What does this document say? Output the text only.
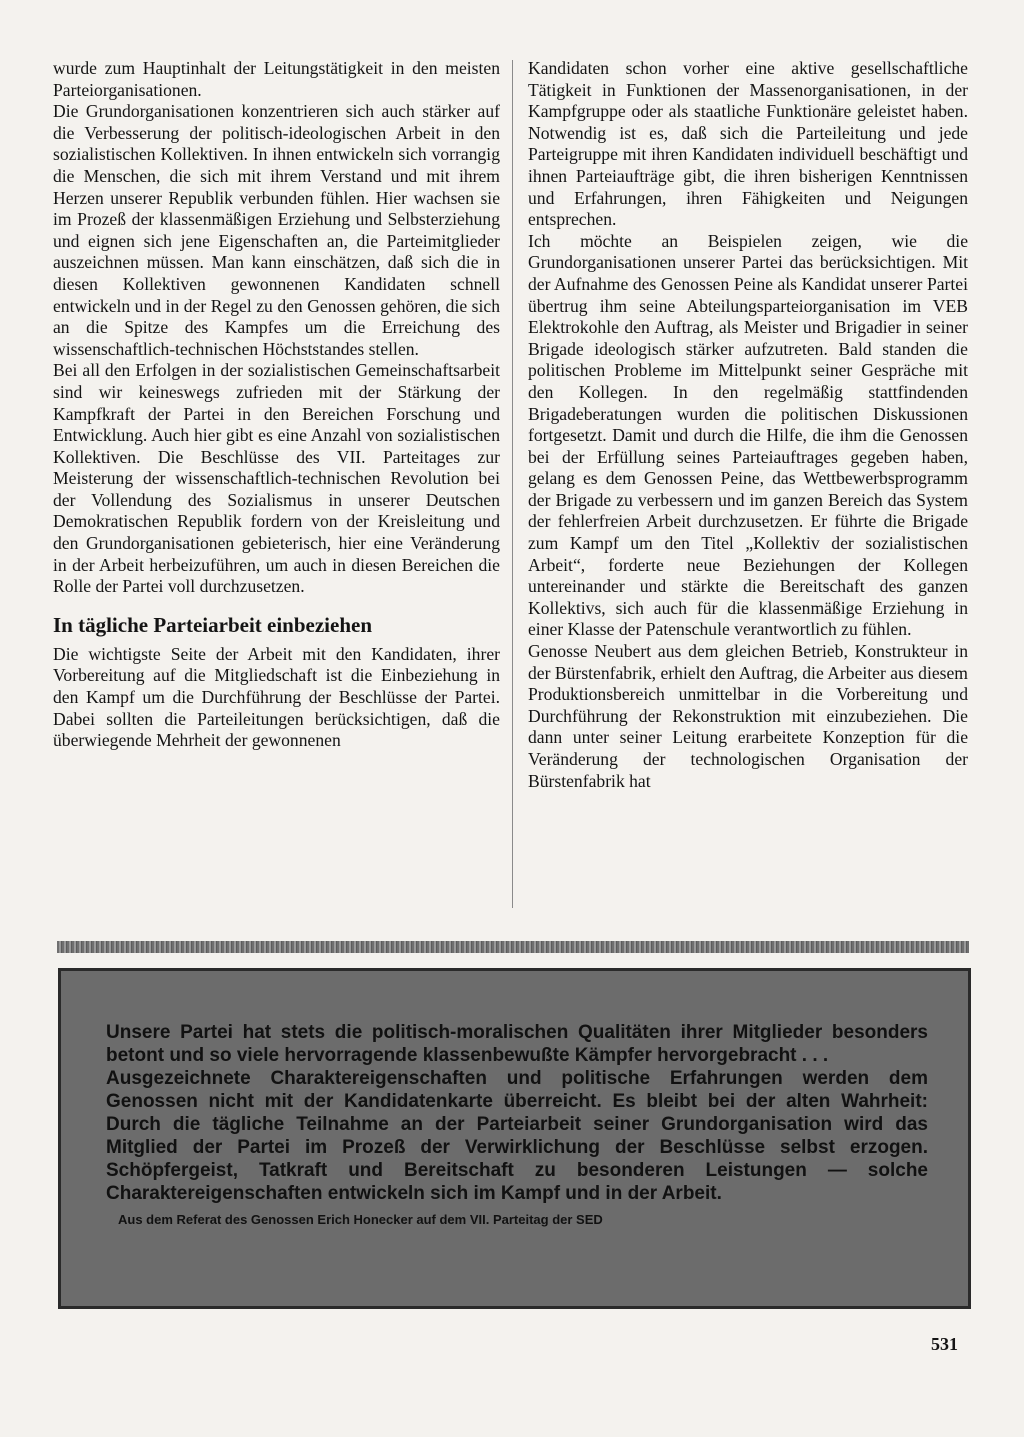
wurde zum Hauptinhalt der Leitungstätigkeit in den meisten Parteiorganisationen.

Die Grundorganisationen konzentrieren sich auch stärker auf die Verbesserung der politisch-ideologischen Arbeit in den sozialistischen Kollektiven. In ihnen entwickeln sich vorrangig die Menschen, die sich mit ihrem Verstand und mit ihrem Herzen unserer Republik verbunden fühlen. Hier wachsen sie im Prozeß der klassenmäßigen Erziehung und Selbsterziehung und eignen sich jene Eigenschaften an, die Parteimitglieder auszeichnen müssen. Man kann einschätzen, daß sich die in diesen Kollektiven gewonnenen Kandidaten schnell entwickeln und in der Regel zu den Genossen gehören, die sich an die Spitze des Kampfes um die Erreichung des wissenschaftlich-technischen Höchststandes stellen.

Bei all den Erfolgen in der sozialistischen Gemeinschaftsarbeit sind wir keineswegs zufrieden mit der Stärkung der Kampfkraft der Partei in den Bereichen Forschung und Entwicklung. Auch hier gibt es eine Anzahl von sozialistischen Kollektiven. Die Beschlüsse des VII. Parteitages zur Meisterung der wissenschaftlich-technischen Revolution bei der Vollendung des Sozialismus in unserer Deutschen Demokratischen Republik fordern von der Kreisleitung und den Grundorganisationen gebieterisch, hier eine Veränderung in der Arbeit herbeizuführen, um auch in diesen Bereichen die Rolle der Partei voll durchzusetzen.

In tägliche Parteiarbeit einbeziehen

Die wichtigste Seite der Arbeit mit den Kandidaten, ihrer Vorbereitung auf die Mitgliedschaft ist die Einbeziehung in den Kampf um die Durchführung der Beschlüsse der Partei. Dabei sollten die Parteileitungen berücksichtigen, daß die überwiegende Mehrheit der gewonnenen

Kandidaten schon vorher eine aktive gesellschaftliche Tätigkeit in Funktionen der Massenorganisationen, in der Kampfgruppe oder als staatliche Funktionäre geleistet haben. Notwendig ist es, daß sich die Parteileitung und jede Parteigruppe mit ihren Kandidaten individuell beschäftigt und ihnen Parteiaufträge gibt, die ihren bisherigen Kenntnissen und Erfahrungen, ihren Fähigkeiten und Neigungen entsprechen.

Ich möchte an Beispielen zeigen, wie die Grundorganisationen unserer Partei das berücksichtigen. Mit der Aufnahme des Genossen Peine als Kandidat unserer Partei übertrug ihm seine Abteilungsparteiorganisation im VEB Elektrokohle den Auftrag, als Meister und Brigadier in seiner Brigade ideologisch stärker aufzutreten. Bald standen die politischen Probleme im Mittelpunkt seiner Gespräche mit den Kollegen. In den regelmäßig stattfindenden Brigadeberatungen wurden die politischen Diskussionen fortgesetzt. Damit und durch die Hilfe, die ihm die Genossen bei der Erfüllung seines Parteiauftrages gegeben haben, gelang es dem Genossen Peine, das Wettbewerbsprogramm der Brigade zu verbessern und im ganzen Bereich das System der fehlerfreien Arbeit durchzusetzen. Er führte die Brigade zum Kampf um den Titel „Kollektiv der sozialistischen Arbeit“, forderte neue Beziehungen der Kollegen untereinander und stärkte die Bereitschaft des ganzen Kollektivs, sich auch für die klassenmäßige Erziehung in einer Klasse der Patenschule verantwortlich zu fühlen.

Genosse Neubert aus dem gleichen Betrieb, Konstrukteur in der Bürstenfabrik, erhielt den Auftrag, die Arbeiter aus diesem Produktionsbereich unmittelbar in die Vorbereitung und Durchführung der Rekonstruktion mit einzubeziehen. Die dann unter seiner Leitung erarbeitete Konzeption für die Veränderung der technologischen Organisation der Bürstenfabrik hat

Unsere Partei hat stets die politisch-moralischen Qualitäten ihrer Mitglieder besonders betont und so viele hervorragende klassenbewußte Kämpfer hervorgebracht . . .

Ausgezeichnete Charaktereigenschaften und politische Erfahrungen werden dem Genossen nicht mit der Kandidatenkarte überreicht. Es bleibt bei der alten Wahrheit: Durch die tägliche Teilnahme an der Parteiarbeit seiner Grundorganisation wird das Mitglied der Partei im Prozeß der Verwirklichung der Beschlüsse selbst erzogen. Schöpfergeist, Tatkraft und Bereitschaft zu besonderen Leistungen — solche Charaktereigenschaften entwickeln sich im Kampf und in der Arbeit.

Aus dem Referat des Genossen Erich Honecker auf dem VII. Parteitag der SED

531
